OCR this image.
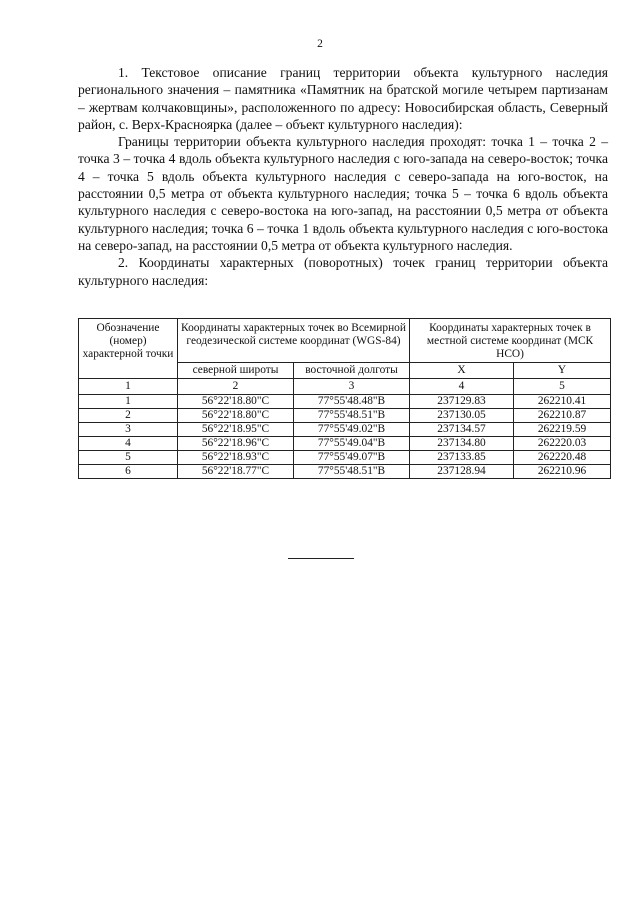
2

1. Текстовое описание границ территории объекта культурного наследия регионального значения – памятника «Памятник на братской могиле четырем партизанам – жертвам колчаковщины», расположенного по адресу: Новосибирская область, Северный район, с. Верх-Красноярка (далее – объект культурного наследия):

Границы территории объекта культурного наследия проходят: точка 1 – точка 2 – точка 3 – точка 4 вдоль объекта культурного наследия с юго-запада на северо-восток; точка 4 – точка 5 вдоль объекта культурного наследия с северо-запада на юго-восток, на расстоянии 0,5 метра от объекта культурного наследия; точка 5 – точка 6 вдоль объекта культурного наследия с северо-востока на юго-запад, на расстоянии 0,5 метра от объекта культурного наследия; точка 6 – точка 1 вдоль объекта культурного наследия с юго-востока на северо-запад, на расстоянии 0,5 метра от объекта культурного наследия.

2. Координаты характерных (поворотных) точек границ территории объекта культурного наследия:

Обозначение (номер) характерной точки	Координаты характерных точек во Всемирной геодезической системе координат (WGS-84)		Координаты характерных точек в местной системе координат (МСК НСО)	
	северной широты	восточной долготы	X	Y
1	2	3	4	5
1	56°22'18.80"С	77°55'48.48"В	237129.83	262210.41
2	56°22'18.80"С	77°55'48.51"В	237130.05	262210.87
3	56°22'18.95"С	77°55'49.02"В	237134.57	262219.59
4	56°22'18.96"С	77°55'49.04"В	237134.80	262220.03
5	56°22'18.93"С	77°55'49.07"В	237133.85	262220.48
6	56°22'18.77"С	77°55'48.51"В	237128.94	262210.96
